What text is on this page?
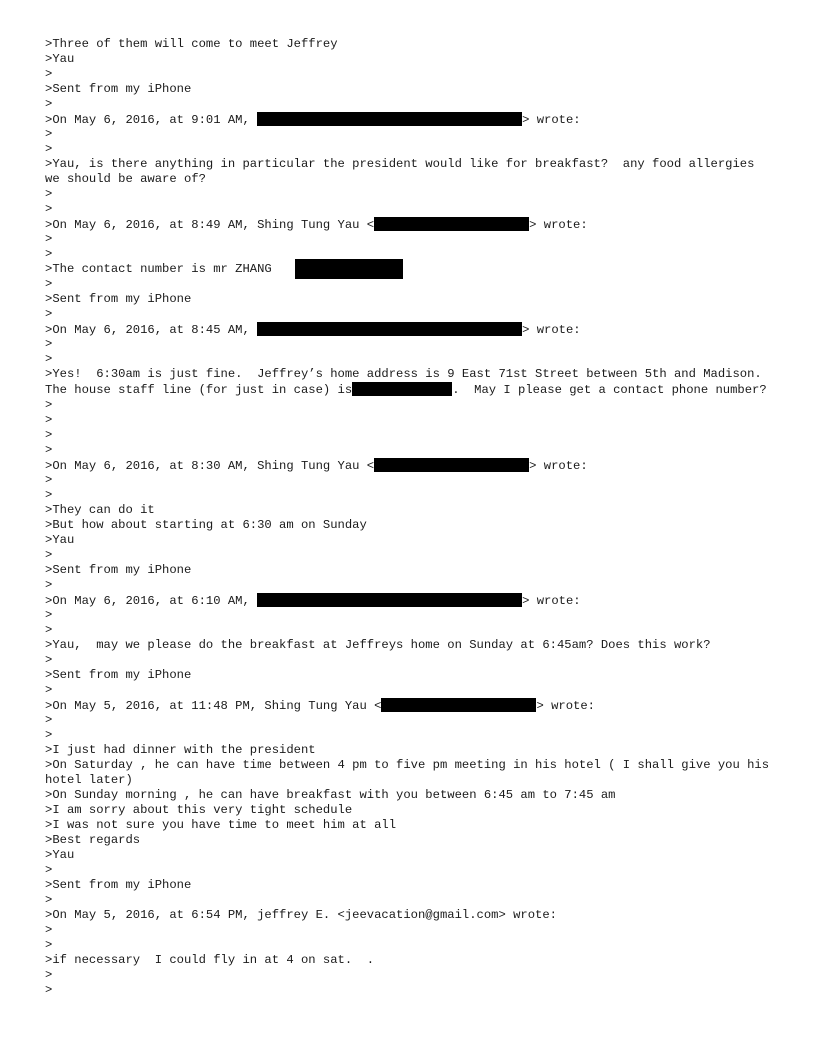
>Three of them will come to meet Jeffrey
>Yau
>
>Sent from my iPhone
>
>On May 6, 2016, at 9:01 AM,	> wrote:
>
>
>Yau, is there anything in particular the president would like for breakfast?  any food allergies we should be aware of?
>
>
>On May 6, 2016, at 8:49 AM, Shing Tung Yau <	> wrote:
>
>
>The contact number is mr ZHANG
>
>Sent from my iPhone
>
>On May 6, 2016, at 8:45 AM,	> wrote:
>
>
>Yes!  6:30am is just fine.  Jeffrey’s home address is 9 East 71st Street between 5th and Madison.  The house staff line (for just in case) is	.  May I please get a contact phone number?
>
>
>
>
>On May 6, 2016, at 8:30 AM, Shing Tung Yau <	> wrote:
>
>
>They can do it
>But how about starting at 6:30 am on Sunday
>Yau
>
>Sent from my iPhone
>
>On May 6, 2016, at 6:10 AM,	> wrote:
>
>
>Yau,  may we please do the breakfast at Jeffreys home on Sunday at 6:45am? Does this work?
>
>Sent from my iPhone
>
>On May 5, 2016, at 11:48 PM, Shing Tung Yau <	> wrote:
>
>
>I just had dinner with the president
>On Saturday , he can have time between 4 pm to five pm meeting in his hotel ( I shall give you his hotel later)
>On Sunday morning , he can have breakfast with you between 6:45 am to 7:45 am
>I am sorry about this very tight schedule
>I was not sure you have time to meet him at all
>Best regards
>Yau
>
>Sent from my iPhone
>
>On May 5, 2016, at 6:54 PM, jeffrey E. <jeevacation@gmail.com> wrote:
>
>
>if necessary  I could fly in at 4 on sat.  .
>
>
